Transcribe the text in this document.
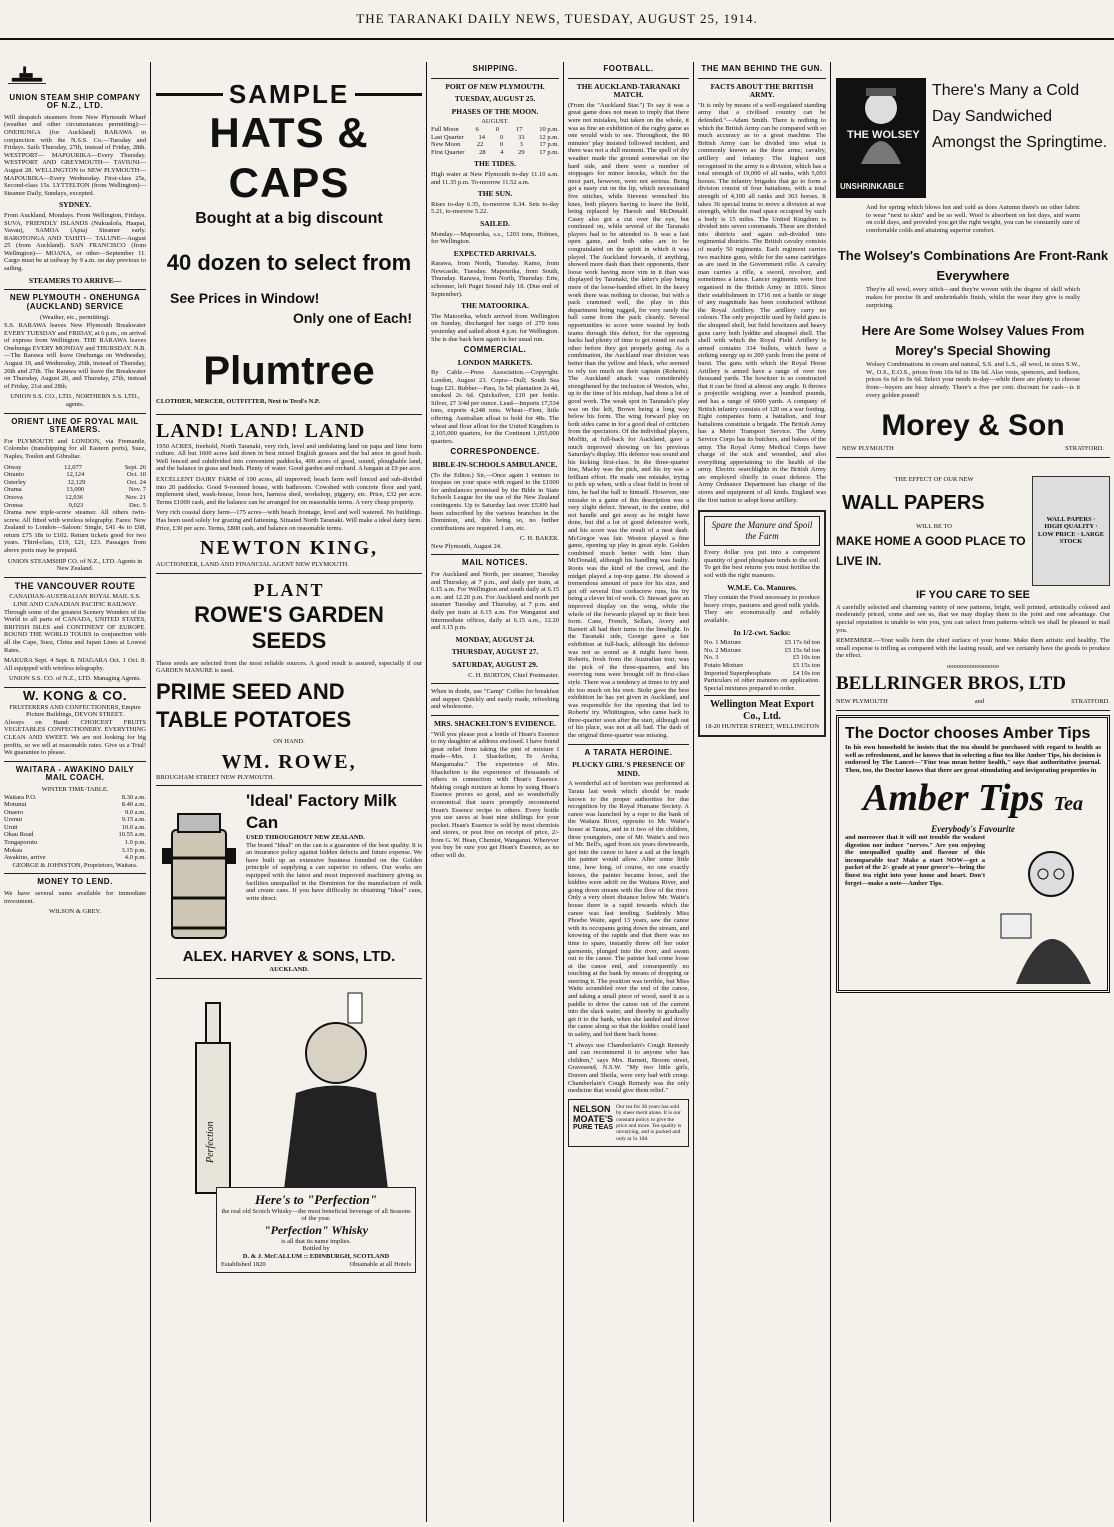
THE TARANAKI DAILY NEWS, TUESDAY, AUGUST 25, 1914.
UNION STEAM SHIP COMPANY OF N.Z., LTD.

Will despatch steamers from New Plymouth Wharf (weather and other circumstances permitting):— ONEHUNGA (for Auckland) RARAWA in conjunction with the N.S.S. Co.—Tuesday and Fridays. Sails Thursday, 27th, instead of Friday, 28th. WESTPORT— MAPOURIKA—Every Thursday. WESTPORT AND GREYMOUTH— TAVIUNI—August 28. WELLINGTON to NEW PLYMOUTH— MAPOURIKA—Every Wednesday. First-class 25s, Second-class 15s. LYTTELTON (from Wellington)— Steamer Daily, Sundays, excepted.

SYDNEY.

From Auckland, Mondays. From Wellington, Fridays. SUVA, FRIENDLY ISLANDS (Nukualofa, Haapai, Vavau), SAMOA (Apia) Steamer early. RAROTONGA AND TAHITI— TALUNE—August 25 (from Auckland). SAN FRANCISCO (from Wellington)— MOANA, or other—September 11. Cargo must be at railway by 9 a.m. on day previous to sailing.

STEAMERS TO ARRIVE—
NEW PLYMOUTH - ONEHUNGA (AUCKLAND) SERVICE
(Weather, etc., permitting).

S.S. RARAWA leaves New Plymouth Breakwater EVERY TUESDAY and FRIDAY, at 6 p.m., on arrival of express from Wellington. THE RARAWA leaves Onehunga EVERY MONDAY and THURSDAY. N.B.—The Rarawa will leave Onehunga on Wednesday, August 19, and Wednesday, 26th, instead of Thursday, 20th and 27th. The Rarawa will leave the Breakwater on Thursday, August 20, and Thursday, 27th, instead of Friday, 21st and 28th.

UNION S.S. CO., LTD., NORTHERN S.S. LTD., agents.
ORIENT LINE OF ROYAL MAIL STEAMERS.

For PLYMOUTH and LONDON, via Fremantle, Colombo (transhipping for all Eastern ports), Suez, Naples, Toulon and Gibraltar.

Otway	12,077	Sept. 26
Otranto	12,124	Oct. 10
Osterley	12,129	Oct. 24
Orama	13,000	Nov. 7
Orsova	12,036	Nov. 21
Oronsa	9,023	Dec. 5

Orama new triple-screw steamer. All others twin-screw. All fitted with wireless telegraphy. Fares: New Zealand to London—Saloon: Single, £41 4s to £68, return £75 18s to £102. Return tickets good for two years. Third-class, £19, £21, £23. Passages from above ports may be prepaid.

UNION STEAMSHIP CO. of N.Z., LTD. Agents in New Zealand.
THE VANCOUVER ROUTE
CANADIAN-AUSTRALIAN ROYAL MAIL S.S. LINE AND CANADIAN PACIFIC RAILWAY.

Through some of the greatest Scenery Wonders of the World to all parts of CANADA, UNITED STATES, BRITISH ISLES and CONTINENT OF EUROPE. ROUND THE WORLD TOURS in conjunction with all the Cape, Suez, China and Japan Lines at Lowest Rates.

MAKURA Sept. 4 Sept. 8. NIAGARA Oct. 1 Oct. 8. All equipped with wireless telegraphy.

UNION S.S. CO. of N.Z., LTD. Managing Agents.
W. KONG & CO.
FRUITERERS AND CONFECTIONERS, Empire Picture Buildings, DEVON STREET.

Always on Hand: CHOICEST FRUITS VEGETABLES CONFECTIONERY. EVERYTHING CLEAN AND SWEET. We are not looking for big profits, so we sell at reasonable rates. Give us a Trial! We guarantee to please.

WAITARA - AWAKINO DAILY MAIL COACH.
WINTER TIME-TABLE.
Waitara P.O.	8.30 a.m.
Motunui	8.40 a.m.
Onaero	9.0 a.m.
Urenui	9.15 a.m.
Uruti	10.0 a.m.
Okau Road	10.55 a.m.
Tongaporutu	1.0 p.m.
Mokau	3.15 p.m.
Awakino, arrive	4.0 p.m.
GEORGE & JOHNSTON, Proprietors, Waitara.
MONEY TO LEND.

We have several sums available for immediate investment.

WILSON & GREY.
SAMPLE
HATS & CAPS
Bought at a big discount
40 dozen to select from
See Prices in Window!
Only one of Each!
Plumtree
CLOTHIER, MERCER, OUTFITTER, Next to Tecd's N.P.
LAND! LAND! LAND

1950 ACRES, freehold, North Taranaki, very rich, level and undulating land on papa and lime form culture. All but 1600 acres laid down in best mixed English grasses and the bal ance in good bush. Well fenced and subdivided into convenient paddocks, 400 acres of good, sound, ploughable land, and the balance in grass and bush. Plenty of water. Good garden and orchard. A bargain at £9 per acre.

EXCELLENT DAIRY FARM of 190 acres, all improved; beach farm well fenced and sub-divided into 20 paddocks. Good 9-roomed house, with bathroom. Cowshed with concrete floor and yard, implement shed, wash-house, loose box, harness shed, workshop, piggery, etc. Price, £32 per acre. Terms £1000 cash, and the balance can be arranged for on reasonable terms. A very cheap property.

Very rich coastal dairy farm—175 acres—with beach frontage, level and well watered. No buildings. Has been used solely for grazing and fattening. Situated North Taranaki. Will make a ideal dairy farm. Price, £30 per acre. Terms, £800 cash, and balance on reasonable terms.

NEWTON KING,
AUCTIONEER, LAND AND FINANCIAL AGENT NEW PLYMOUTH.
PLANT
ROWE'S GARDEN SEEDS

These seeds are selected from the most reliable sources. A good result is assured, especially if our GARDEN MANURE is used.

PRIME SEED AND TABLE POTATOES
ON HAND.
WM. ROWE,
BROUGHAM STREET NEW PLYMOUTH.
'Ideal' Factory Milk Can
USED THROUGHOUT NEW ZEALAND.

The brand "Ideal" on the can is a guarantee of the best quality. It is an insurance policy against hidden defects and future expense. We have built up an extensive business founded on the Golden principle of supplying a can superior to others. Our works are equipped with the latest and most improved machinery giving us facilities unequalled in the Dominion for the manufacture of milk and cream cans. If you have difficulty in obtaining "Ideal" cans, write direct.

ALEX. HARVEY & SONS, LTD.
AUCKLAND.
Perfection
Here's to "Perfection"
the real old Scotch Whisky—the most beneficial beverage of all Seasons of the year.
"Perfection" Whisky
is all that its name implies.
Bottled by
D. & J. McCALLUM :: EDINBURGH, SCOTLAND
Established 1820	Obtainable at all Hotels
SHIPPING.
PORT OF NEW PLYMOUTH.
TUESDAY, AUGUST 25.
PHASES OF THE MOON.
AUGUST.
Full Moon	6	0	17	10 p.m.
Last Quarter 14 0 33 12 p.m.
New Moon	22	0	3	17 p.m.
First Quarter 28 4 29 17 p.m.
THE TIDES.

High water at New Plymouth to-day 11.10 a.m. and 11.35 p.m. To-morrow 11.52 a.m.

THE SUN.

Rises to-day 6.35, to-morrow 6.34. Sets to-day 5.21, to-morrow 5.22.

SAILED.

Monday.—Mapourika, s.s., 1203 tons, Holmes, for Wellington.

EXPECTED ARRIVALS.

Rarawa, from North, Tuesday. Kamo, from Newcastle, Tuesday. Mapourika, from South, Thursday. Rarawa, from North, Thursday. Erie, schooner, left Puget Sound July 18. (Due end of September).

THE MATOORIKA.

The Matoorika, which arrived from Wellington on Sunday, discharged her cargo of 270 tons yesterday and sailed about 4 p.m. for Wellington. She is due back here again in her usual run.

COMMERCIAL.
LONDON MARKETS.

By Cable.—Press Association.—Copyright. London, August 23. Copra—Dull; South Sea bags £21. Rubber—Para, 3s 5d; plantation 2s 4d, smoked 2s 6d. Quicksilver, £10 per bottle. Silver, 27 3/4d per ounce. Lead—Imports 17,534 tons, exports 4,248 tons. Wheat—Firm, little offering. Australian afloat to hold for 48s. The wheat and flour afloat for the United Kingdom is 2,105,000 quarters, for the Continent 1,055,000 quarters.

CORRESPONDENCE.
BIBLE-IN-SCHOOLS AMBULANCE.

(To the Editor.) Sir,—Once again I venture to trespass on your space with regard to the £1000 for ambulances promised by the Bible in State Schools League for the use of the New Zealand contingents. Up to Saturday last over £5300 had been subscribed by the various branches in the Dominion, and, this being so, no further contributions are required. I am, etc.

C. H. BAKER.
New Plymouth, August 24.
MAIL NOTICES.

For Auckland and North, per steamer, Tuesday and Thursday, at 7 p.m., and daily per train, at 6.15 a.m. For Wellington and south daily at 6.15 a.m. and 12.20 p.m. For Auckland and north per steamer Tuesday and Thursday, at 7 p.m. and daily per train at 6.15 a.m. For Wanganui and intermediate offices, daily at 6.15 a.m., 12.20 and 3.15 p.m.

MONDAY, AUGUST 24.
THURSDAY, AUGUST 27.
SATURDAY, AUGUST 29.
C. H. BURTON, Chief Postmaster.

When in doubt, use "Camp" Coffee for breakfast and supper. Quickly and easily made, refreshing and wholesome.

MRS. SHACKELTON'S EVIDENCE.

"Will you please post a bottle of Hean's Essence to my daughter at address enclosed. I have found great relief from taking the pint of mixture I made—Mrs. J. Shackelton, Te Aroha, Mangamahu." The experience of Mrs. Shackelton is the experience of thousands of others in connection with Hean's Essence. Making cough mixture at home by using Hean's Essence proves so good, and so wonderfully economical that users promptly recommend Hean's Essence recipe to others. Every bottle you use saves at least nine shillings for your pocket. Hean's Essence is sold by most chemists and stores, or post free on receipt of price, 2/- from G. W. Hean, Chemist, Wanganui. Wherever you buy be sure you get Hean's Essence, as no other will do.

FOOTBALL.
THE AUCKLAND-TARANAKI MATCH.

(From the "Auckland Star.") To say it was a great game does not mean to imply that there were not mistakes, but taken on the whole, it was as fine an exhibition of the rugby game as one would wish to see. Throughout, the 80 minutes' play insisted followed incident, and there was not a dull moment. The spell of dry weather made the ground somewhat on the hard side, and there were a number of stoppages for minor knocks, which for the most part, however, were not serious. Being got a nasty cut on the lip, which necessitated five stitches, while Stevens wrenched his knee, both players having to leave the field, being replaced by Haresh and McDonald. Casey also got a cut over the eye, but continued on, while several of the Taranaki players had to be attended to. It was a fast open game, and both sides are to be congratulated on the spirit in which it was played. The Auckland forwards, if anything, showed more dash than their opponents, their loose work having more vim in it than was displayed by Taranaki, the latter's play being more of the loose-handed effort. In the heavy work there was nothing to choose, but with a pack crammed well, the play in this department being ragged, for very rarely the ball came from the pack cleanly. Several opportunities to score were wasted by both teams through this defect, for the opposing backs had plenty of time to get round on each other before they got properly going. As a combination, the Auckland rear division was better than the yellow and black, who seemed to rely too much on their captain (Roberts). The Auckland attack was considerably strengthened by the inclusion of Weston, who, up to the time of his mishap, had done a lot of good work. The weak spot in Taranaki's play was on the left, Brown being a long way below his form. The wing forward play on both sides came in for a good deal of criticism from the spectators. Of the individual players, Moffitt, at full-back for Auckland, gave a much improved showing on his previous Saturday's display. His defence was sound and his kicking first-class. In the three-quarter line, Macky was the pick, and his try was a brilliant effort. He made one mistake, trying to pick up when, with a clear field in front of him, he had the ball to himself. However, one mistake in a game of this description was a very slight defect. Stewart, in the centre, did not handle and get away as he might have done, but did a lot of good defensive work, and his score was the result of a neat dash. McGregor was fair. Weston played a fine game, opening up play in great style. Golden combined much better with him than McDonald, although his handling was faulty. Roots was the kind of the crowd, and the midget played a top-top game. He showed a tremendous amount of pace for his size, and got off several fine corkscrew runs, his try being a clever bit of work. O. Stewart gave an improved display on the wing, while the whole of the forwards played up to their best form. Cane, French, Sellars, Avery and Barnett all had their turns in the limelight. In the Taranaki side, George gave a fair exhibition at full-back, although his defence was not as sound as it might have been. Roberts, fresh from the Australian tour, was the pick of the three-quarters, and his swerving runs were brought off in first-class style. There was a tendency at times to try and do too much on his own. Stohr gave the best exhibition he has yet given in Auckland, and was responsible for the opening that led to Roberts' try. Whittington, who came back to three-quarter soon after the start, although out of his place, was not at all bad. The dash of the original three-quarter was missing.

A TARATA HEROINE.
PLUCKY GIRL'S PRESENCE OF MIND.

A wonderful act of heroism was performed at Tarata last week which should be made known to the proper authorities for due recognition by the Royal Humane Society. A canoe was launched by a rope to the bank of the Waitara River, opposite to Mr. Waite's house at Tarata, and in it two of the children, three youngsters, one of Mr. Waite's and two of Mr. Bell's, aged from six years downwards, got into the canoe to have a sail at the length the painter would allow. After some little time, how long, of course, no one exactly knows, the painter became loose, and the kiddies were adrift on the Waitara River, and going down stream with the flow of the river. Only a very short distance below Mr. Waite's house there is a rapid towards which the canoe was fast tending. Suddenly Miss Phoebe Waite, aged 13 years, saw the canoe with its occupants going down the stream, and knowing of the rapids and that there was no time to spare, instantly threw off her outer garments, plunged into the river, and swam out to the canoe. The painter had come loose at the canoe end, and consequently no touching at the bank by means of dropping or steering it. The position was terrible, but Miss Waite scrambled over the end of the canoe, and taking a small piece of wood, used it as a paddle to drive the canoe out of the current into the slack water, and thereby to gradually get it to the bank, when she landed and drove the canoe along so that the kiddies could land in safety, and led them back home.

"I always use Chamberlain's Cough Remedy and can recommend it to anyone who has children," says Mrs. Barnett, Broom street, Gravesend, N.S.W. "My two little girls, Doreen and Sheila, were very bad with croup. Chamberlain's Cough Remedy was the only medicine that would give them relief."

NELSON MOATE'S
PURE TEAS
Our tea for 36 years has sold by sheer merit alone. It is our constant policy to give the price and more. Tea quality is unvarying, and is packed and only at 1s 10d.
THE MAN BEHIND THE GUN.
FACTS ABOUT THE BRITISH ARMY.

"It is only by means of a well-regulated standing army that a civilised country can be defended."—Adam Smith. There is nothing to which the British Army can be compared with so much accuracy as to a great machine. The British Army can be divided into what is commonly known as the three arms; cavalry, artillery and infantry. The highest unit recognised in the army is a division, which has a total strength of 19,000 of all ranks, with 5,093 horses. The infantry brigades that go to form a division consist of four battalions, with a total strength of 4,100 all ranks and 363 horses. It takes 36 special trains to move a division at war strength, while the road space occupied by such a body is 15 miles. The United Kingdom is divided into seven commands. These are divided into districts and again sub-divided into regimental districts. The British cavalry consists of nearly 50 regiments. Each regiment carries two machine guns, while for the same cartridges as are used in the Government rifle. A cavalry man carries a rifle, a sword, revolver, and sometimes a lance. Lancer regiments were first organised in the British Army in 1816. Since their establishment in 1716 not a battle or siege of any magnitude has been conducted without the Royal Artillery. The artillery carry no colours. The only projectile used by field guns is the shrapnel shell, but field howitzers and heavy guns carry both lyddite and shrapnel shell. The shell with which the Royal Field Artillery is armed contains 334 bullets, which have a striking energy up to 200 yards from the point of burst. The guns with which the Royal Horse Artillery is armed have a range of over ten thousand yards. The howitzer is so constructed that it can be fired at almost any angle. It throws a projectile weighing over a hundred pounds, and has a range of 6000 yards. A company of British infantry consists of 120 on a war footing. Eight companies form a battalion, and four battalions constitute a brigade. The British Army has a Motor Transport Service. The Army Service Corps has its butchers, and bakers of the army. The Royal Army Medical Corps have charge of the sick and wounded, and also everything appertaining to the health of the army. Electric searchlights in the British Army are employed chiefly in coast defence. The Army Ordnance Department has charge of the stores and equipment of all kinds. England was the first nation to adopt horse artillery.

Spare the Manure and Spoil the Farm

Every dollar you put into a competent quantity of good phosphate tends to the soil. To get the best returns you must fertilise the soil with the right manures.

W.M.E. Co. Manures.

They contain the Food necessary to produce heavy crops, pastures and good milk yields. They are economically and reliably available.

In 1/2-cwt. Sacks:
No. 1 Mixture	£5 17s 6d ton
No. 2 Mixture	£5 15s 6d ton
No. 3	£5 10s ton
Potato Mixture	£5 15s ton
Imported Superphosphate	£4 10s ton

Particulars of other manures on application. Special mixtures prepared to order.

Wellington Meat Export Co., Ltd.
18-20 HUNTER STREET, WELLINGTON
THE WOLSEY
UNSHRINKABLE
There's Many a Cold Day Sandwiched Amongst the Springtime.

And for spring which blows hot and cold as does Autumn there's no other fabric to wear "next to skin" and be so well. Wool is absorbent on hot days, and warm on cold days, and provided you get the right weight, you can be constantly sure of comfortable colds and attaining superior comfort.

The Wolsey's Combinations Are Front-Rank Everywhere

They're all wool, every stitch—and they're woven with the degree of skill which makes for precise fit and unshrinkable finish, whilst the wear they give is really surprising.

Here Are Some Wolsey Values From Morey's Special Showing

Wolsey Combinations in cream and natural, S.S. and L.S., all wool, in sizes S.W., W., O.S., E.O.S., prices from 10s 6d to 18s 6d. Also vests, spencers, and bodices, prices 6s 6d to 9s 6d. Select your needs to-day—while there are plenty to choose from—buyers are busy already. There's a five per cent. discount for cash—is it every golden pound!

Morey & Son
NEW PLYMOUTH	STRATFORD.
THE EFFECT OF OUR NEW
WALL PAPERS
WILL BE TO
MAKE HOME A GOOD PLACE TO LIVE IN.
WALL PAPERS · HIGH QUALITY · LOW PRICE · LARGE STOCK
IF YOU CARE TO SEE

A carefully selected and charming variety of new patterns, bright, well printed, artistically colored and moderately priced, come and see us, that we may display them to the joint and one advantage. Our special reputation is unable to win you, you can select from patterns which we shall be pleased to mail you.

REMEMBER.—Your walls form the chief surface of your home. Make them artistic and healthy. The small expense is trifling as compared with the lasting result, and we certainly have the goods to produce the effect.

oooooooooooooooo
BELLRINGER BROS, LTD
NEW PLYMOUTH	and	STRATFORD.
The Doctor chooses Amber Tips

In his own household he insists that the tea should be purchased with regard to health as well as refreshment, and he knows that in selecting a fine tea like Amber Tips, his decision is endorsed by The Lancet—"Fine teas mean better health," says that authoritative journal. Then, too, the Doctor knows that there are great stimulating and invigorating properties in

Amber Tips Tea
Everybody's Favourite

and moreover that it will not trouble the weakest digestion nor induce "nerves." Are you enjoying the unequalled quality and flavour of this incomparable tea? Make a start NOW—get a packet of the 2/- grade at your grocer's—bring the finest tea right into your home and heart. Don't forget—make a note—Amber Tips.
